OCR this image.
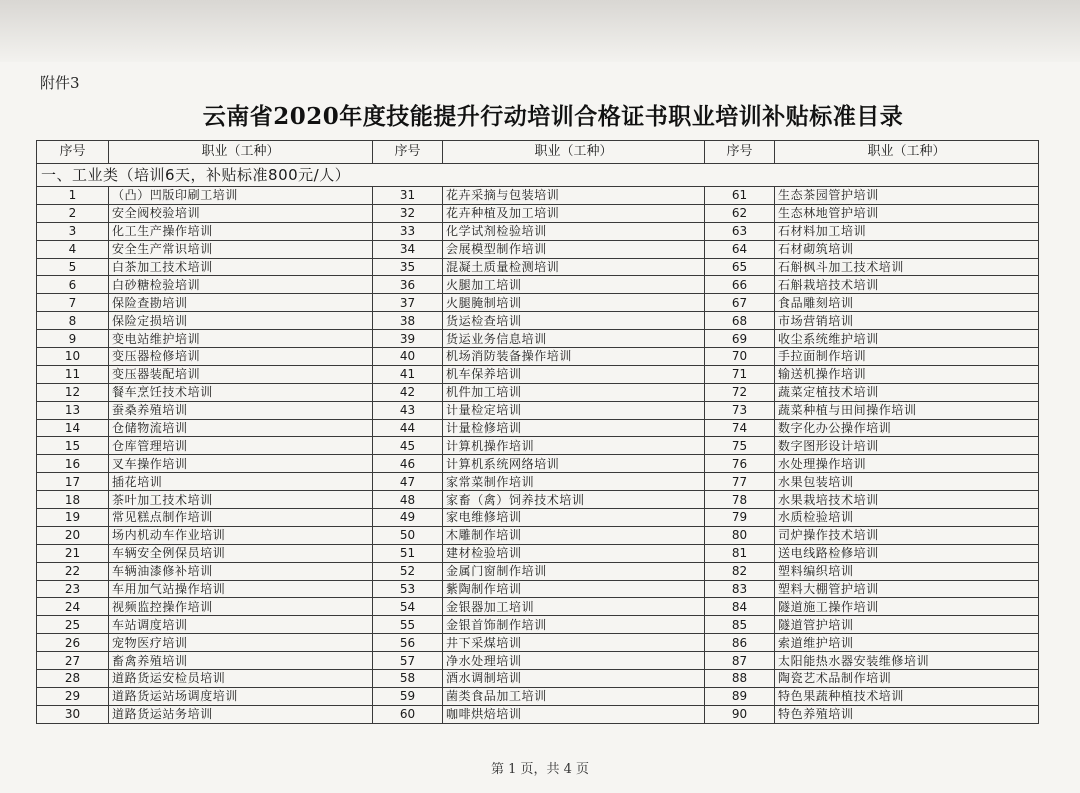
附件3
云南省2020年度技能提升行动培训合格证书职业培训补贴标准目录
序号	职业（工种）	序号	职业（工种）	序号	职业（工种）
一、工业类（培训6天，补贴标准800元/人）					
1	（凸）凹版印刷工培训	31	花卉采摘与包装培训	61	生态茶园管护培训
2	安全阀校验培训	32	花卉种植及加工培训	62	生态林地管护培训
3	化工生产操作培训	33	化学试剂检验培训	63	石材料加工培训
4	安全生产常识培训	34	会展模型制作培训	64	石材砌筑培训
5	白茶加工技术培训	35	混凝土质量检测培训	65	石斛枫斗加工技术培训
6	白砂糖检验培训	36	火腿加工培训	66	石斛栽培技术培训
7	保险查勘培训	37	火腿腌制培训	67	食品雕刻培训
8	保险定损培训	38	货运检查培训	68	市场营销培训
9	变电站维护培训	39	货运业务信息培训	69	收尘系统维护培训
10	变压器检修培训	40	机场消防装备操作培训	70	手拉面制作培训
11	变压器装配培训	41	机车保养培训	71	输送机操作培训
12	餐车烹饪技术培训	42	机件加工培训	72	蔬菜定植技术培训
13	蚕桑养殖培训	43	计量检定培训	73	蔬菜种植与田间操作培训
14	仓储物流培训	44	计量检修培训	74	数字化办公操作培训
15	仓库管理培训	45	计算机操作培训	75	数字图形设计培训
16	叉车操作培训	46	计算机系统网络培训	76	水处理操作培训
17	插花培训	47	家常菜制作培训	77	水果包装培训
18	茶叶加工技术培训	48	家畜（禽）饲养技术培训	78	水果栽培技术培训
19	常见糕点制作培训	49	家电维修培训	79	水质检验培训
20	场内机动车作业培训	50	木雕制作培训	80	司炉操作技术培训
21	车辆安全例保员培训	51	建材检验培训	81	送电线路检修培训
22	车辆油漆修补培训	52	金属门窗制作培训	82	塑料编织培训
23	车用加气站操作培训	53	紫陶制作培训	83	塑料大棚管护培训
24	视频监控操作培训	54	金银器加工培训	84	隧道施工操作培训
25	车站调度培训	55	金银首饰制作培训	85	隧道管护培训
26	宠物医疗培训	56	井下采煤培训	86	索道维护培训
27	畜禽养殖培训	57	净水处理培训	87	太阳能热水器安装维修培训
28	道路货运安检员培训	58	酒水调制培训	88	陶瓷艺术品制作培训
29	道路货运站场调度培训	59	菌类食品加工培训	89	特色果蔬种植技术培训
30	道路货运站务培训	60	咖啡烘焙培训	90	特色养殖培训
第 1 页，共 4 页
